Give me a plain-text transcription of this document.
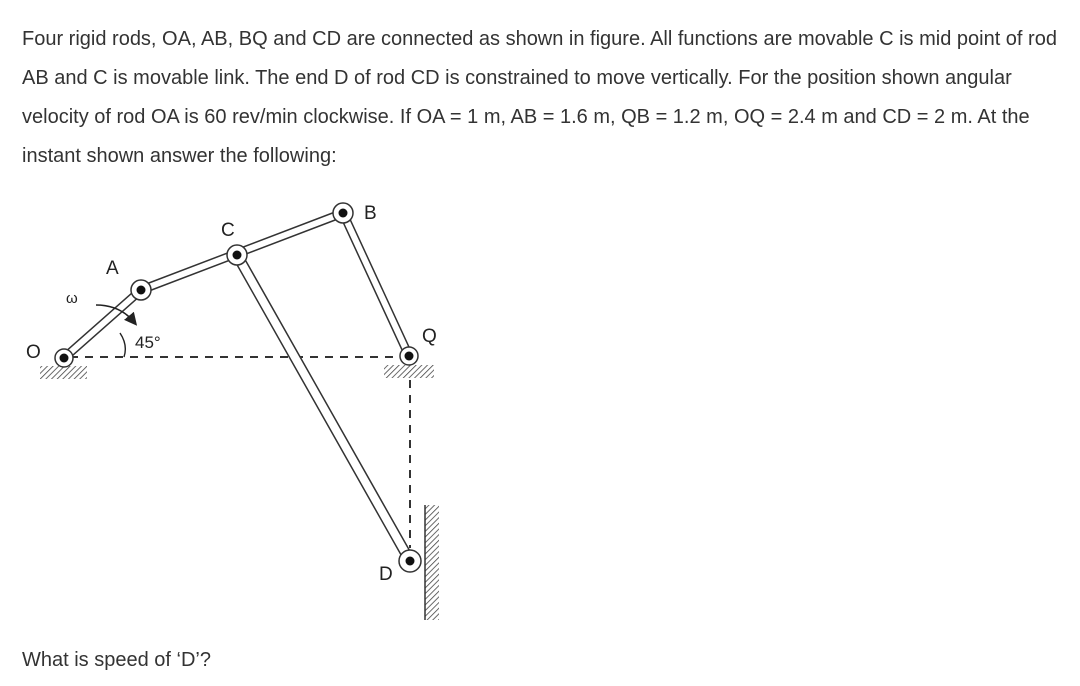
Four rigid rods, OA, AB, BQ and CD are connected as shown in figure. All functions are movable C is mid point of rod AB and C is movable link. The end D of rod CD is constrained to move vertically. For the position shown angular velocity of rod OA is 60 rev/min clockwise. If OA = 1 m, AB = 1.6 m, QB = 1.2 m, OQ = 2.4 m and CD = 2 m. At the instant shown answer the following:

O
A
C
B
Q
D
ω
45°

What is speed of ‘D’?
